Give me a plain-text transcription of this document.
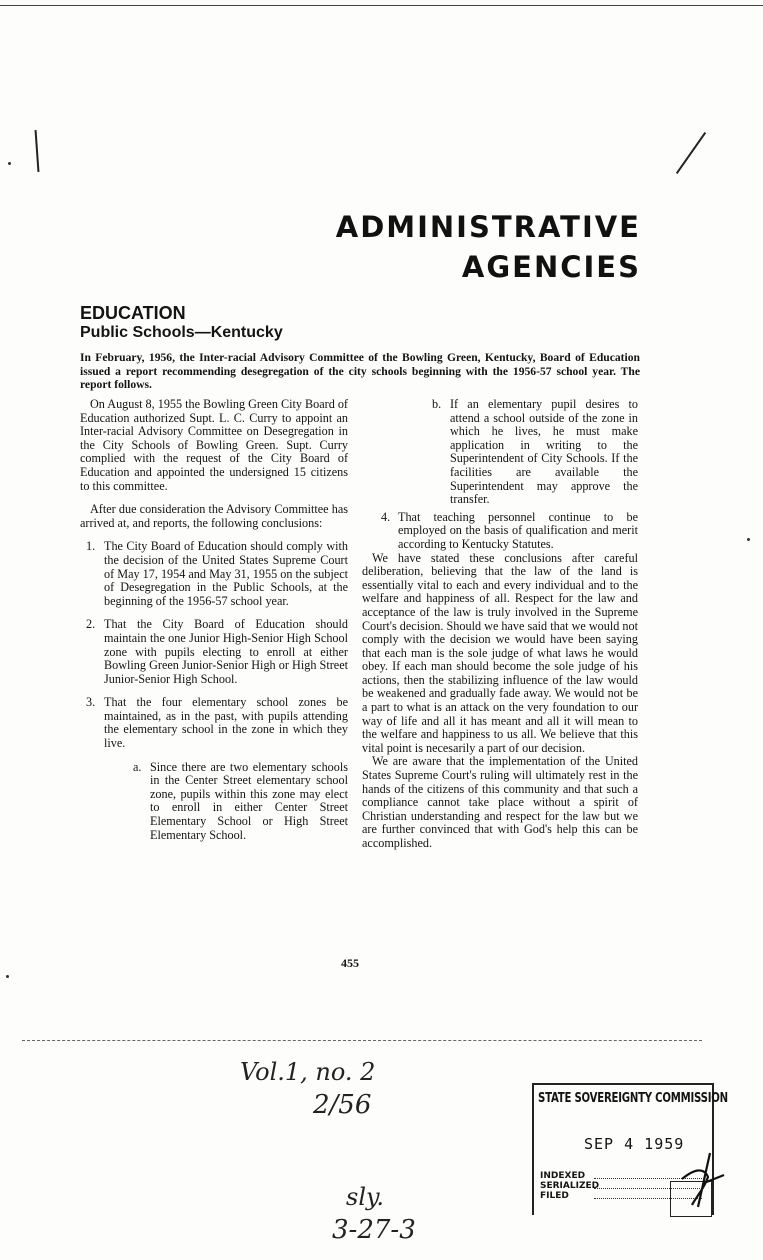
ADMINISTRATIVE
AGENCIES
EDUCATION
Public Schools—Kentucky
In February, 1956, the Inter-racial Advisory Committee of the Bowling Green, Kentucky, Board of Education issued a report recommending desegregation of the city schools beginning with the 1956-57 school year. The report follows.

On August 8, 1955 the Bowling Green City Board of Education authorized Supt. L. C. Curry to appoint an Inter-racial Advisory Committee on Desegregation in the City Schools of Bowling Green. Supt. Curry complied with the request of the City Board of Education and appointed the undersigned 15 citizens to this committee.

After due consideration the Advisory Committee has arrived at, and reports, the following conclusions:

1. The City Board of Education should comply with the decision of the United States Supreme Court of May 17, 1954 and May 31, 1955 on the subject of Desegregation in the Public Schools, at the beginning of the 1956-57 school year.
2. That the City Board of Education should maintain the one Junior High-Senior High School zone with pupils electing to enroll at either Bowling Green Junior-Senior High or High Street Junior-Senior High School.
3. That the four elementary school zones be maintained, as in the past, with pupils attending the elementary school in the zone in which they live.
a. Since there are two elementary schools in the Center Street elementary school zone, pupils within this zone may elect to enroll in either Center Street Elementary School or High Street Elementary School.
b. If an elementary pupil desires to attend a school outside of the zone in which he lives, he must make application in writing to the Superintendent of City Schools. If the facilities are available the Superintendent may approve the transfer.
4. That teaching personnel continue to be employed on the basis of qualification and merit according to Kentucky Statutes.

We have stated these conclusions after careful deliberation, believing that the law of the land is essentially vital to each and every individual and to the welfare and happiness of all. Respect for the law and acceptance of the law is truly involved in the Supreme Court's decision. Should we have said that we would not comply with the decision we would have been saying that each man is the sole judge of what laws he would obey. If each man should become the sole judge of his actions, then the stabilizing influence of the law would be weakened and gradually fade away. We would not be a part to what is an attack on the very foundation to our way of life and all it has meant and all it will mean to the welfare and happiness to us all. We believe that this vital point is necesarily a part of our decision.

We are aware that the implementation of the United States Supreme Court's ruling will ultimately rest in the hands of the citizens of this community and that such a compliance cannot take place without a spirit of Christian understanding and respect for the law but we are further convinced that with God's help this can be accomplished.

455
Vol.1, no. 2
2/56
sly.
3-27-3
STATE SOVEREIGNTY COMMISSION
SEP 4 1959
INDEXED
SERIALIZED
FILED
